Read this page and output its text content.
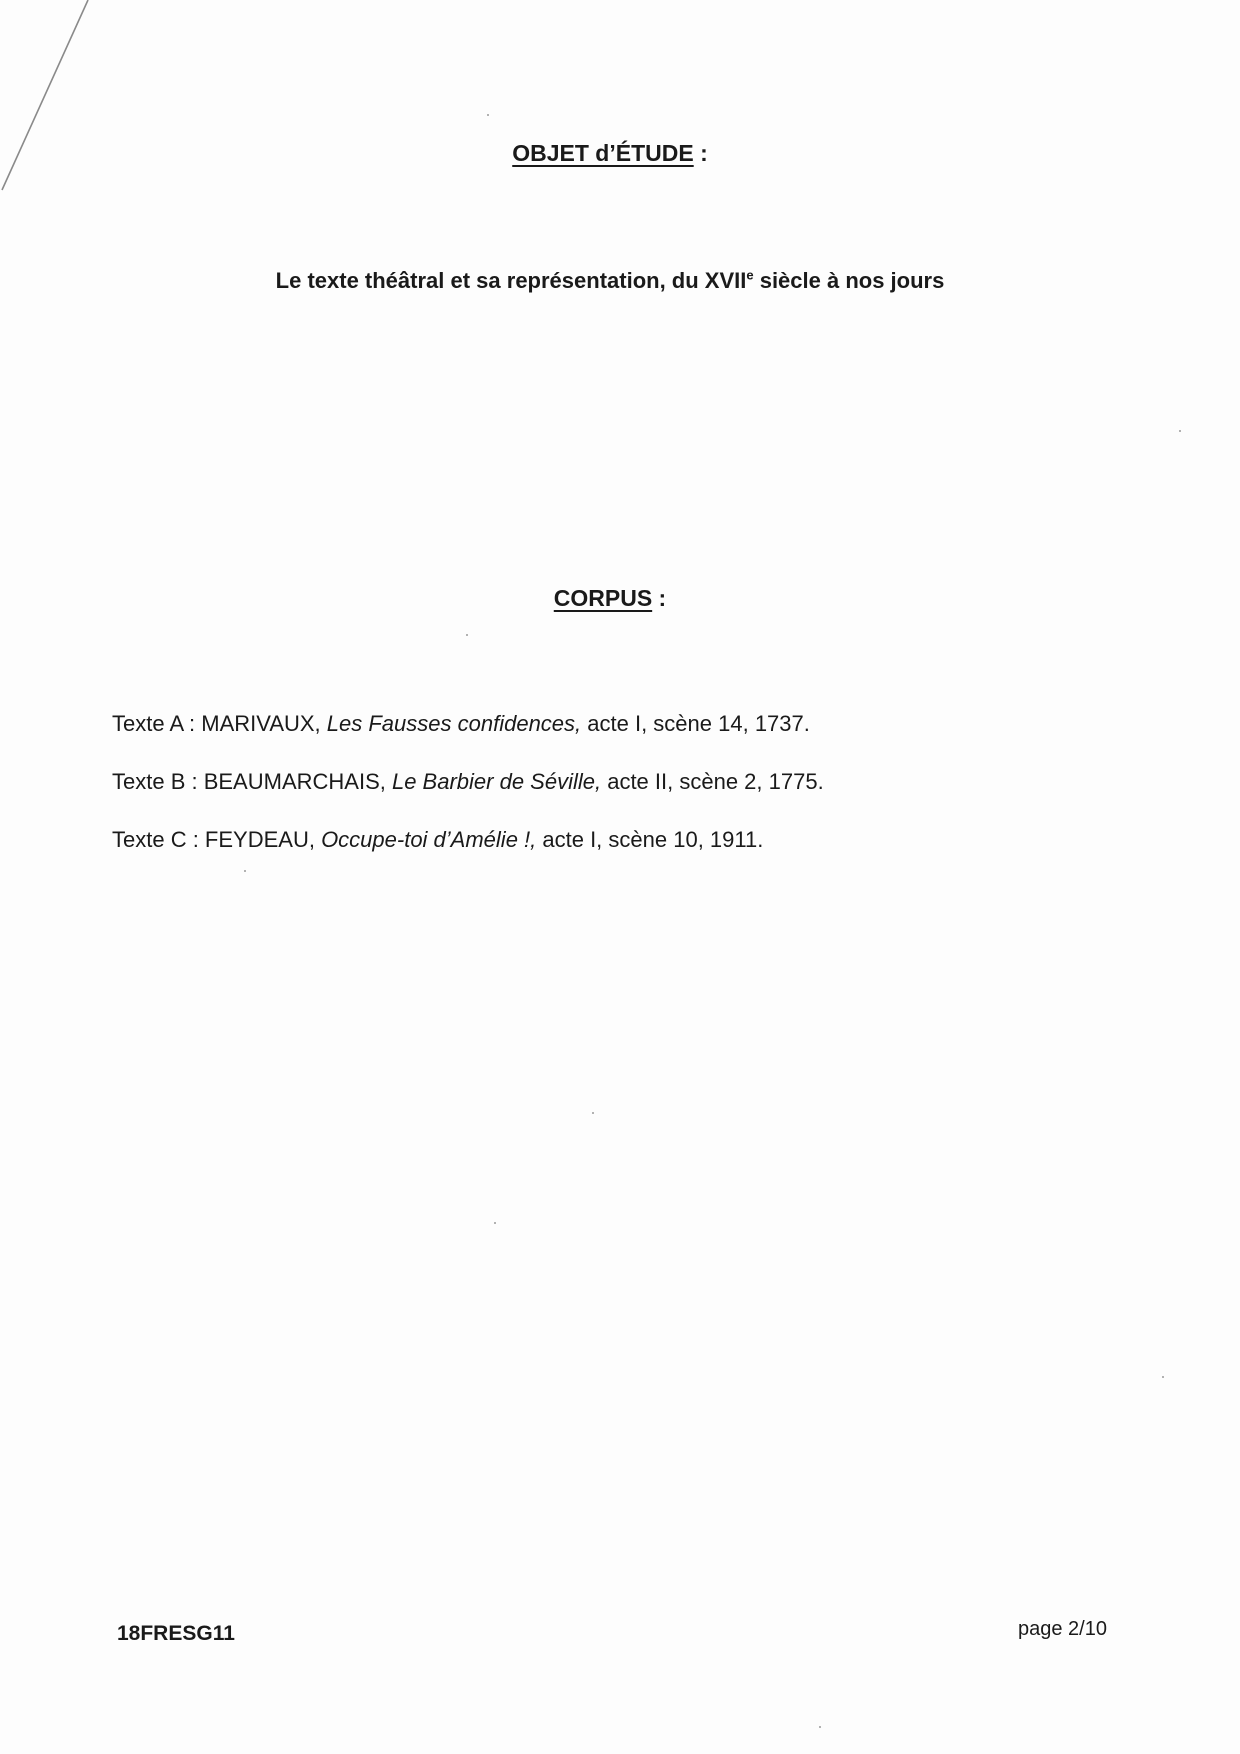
OBJET d’ÉTUDE :
Le texte théâtral et sa représentation, du XVIIe siècle à nos jours
CORPUS :
Texte A : MARIVAUX, Les Fausses confidences, acte I, scène 14, 1737.
Texte B : BEAUMARCHAIS, Le Barbier de Séville, acte II, scène 2, 1775.
Texte C : FEYDEAU, Occupe-toi d’Amélie !, acte I, scène 10, 1911.
18FRESG11	page 2/10
